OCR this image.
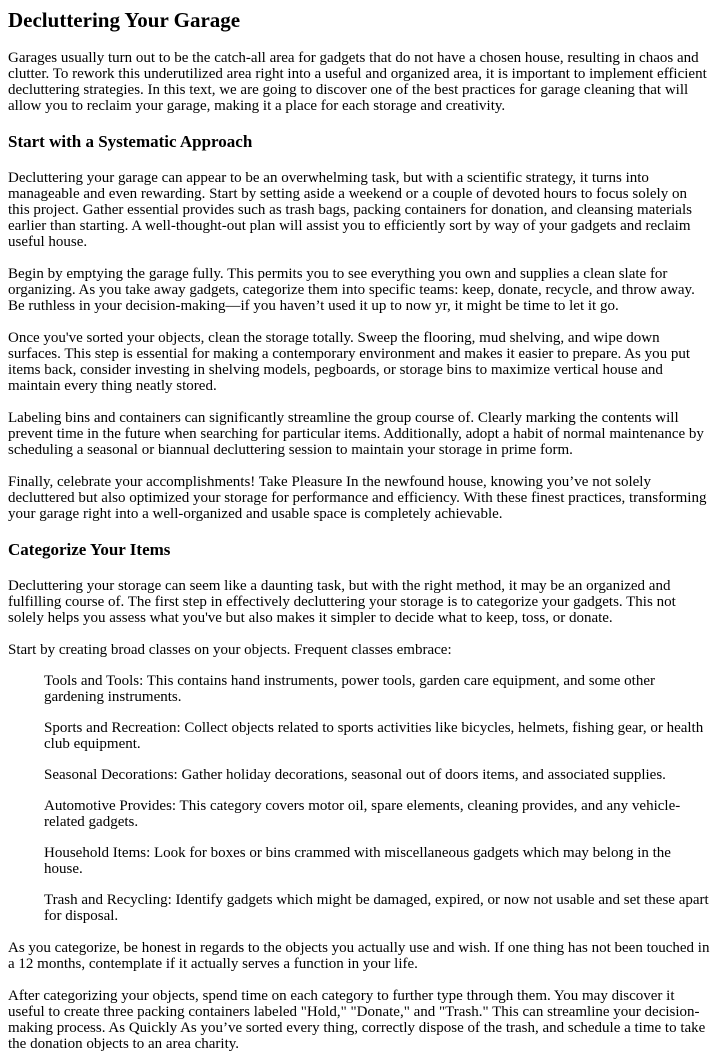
Decluttering Your Garage

Garages usually turn out to be the catch-all area for gadgets that do not have a chosen house, resulting in chaos and clutter. To rework this underutilized area right into a useful and organized area, it is important to implement efficient decluttering strategies. In this text, we are going to discover one of the best practices for garage cleaning that will allow you to reclaim your garage, making it a place for each storage and creativity.

Start with a Systematic Approach

Decluttering your garage can appear to be an overwhelming task, but with a scientific strategy, it turns into manageable and even rewarding. Start by setting aside a weekend or a couple of devoted hours to focus solely on this project. Gather essential provides such as trash bags, packing containers for donation, and cleansing materials earlier than starting. A well-thought-out plan will assist you to efficiently sort by way of your gadgets and reclaim useful house.

Begin by emptying the garage fully. This permits you to see everything you own and supplies a clean slate for organizing. As you take away gadgets, categorize them into specific teams: keep, donate, recycle, and throw away. Be ruthless in your decision-making—if you haven’t used it up to now yr, it might be time to let it go.

Once you've sorted your objects, clean the storage totally. Sweep the flooring, mud shelving, and wipe down surfaces. This step is essential for making a contemporary environment and makes it easier to prepare. As you put items back, consider investing in shelving models, pegboards, or storage bins to maximize vertical house and maintain every thing neatly stored.

Labeling bins and containers can significantly streamline the group course of. Clearly marking the contents will prevent time in the future when searching for particular items. Additionally, adopt a habit of normal maintenance by scheduling a seasonal or biannual decluttering session to maintain your storage in prime form.

Finally, celebrate your accomplishments! Take Pleasure In the newfound house, knowing you’ve not solely decluttered but also optimized your storage for performance and efficiency. With these finest practices, transforming your garage right into a well-organized and usable space is completely achievable.

Categorize Your Items

Decluttering your storage can seem like a daunting task, but with the right method, it may be an organized and fulfilling course of. The first step in effectively decluttering your storage is to categorize your gadgets. This not solely helps you assess what you've but also makes it simpler to decide what to keep, toss, or donate.

Start by creating broad classes on your objects. Frequent classes embrace:

Tools and Tools: This contains hand instruments, power tools, garden care equipment, and some other gardening instruments.
Sports and Recreation: Collect objects related to sports activities like bicycles, helmets, fishing gear, or health club equipment.
Seasonal Decorations: Gather holiday decorations, seasonal out of doors items, and associated supplies.
Automotive Provides: This category covers motor oil, spare elements, cleaning provides, and any vehicle-related gadgets.
Household Items: Look for boxes or bins crammed with miscellaneous gadgets which may belong in the house.
Trash and Recycling: Identify gadgets which might be damaged, expired, or now not usable and set these apart for disposal.

As you categorize, be honest in regards to the objects you actually use and wish. If one thing has not been touched in a 12 months, contemplate if it actually serves a function in your life.

After categorizing your objects, spend time on each category to further type through them. You may discover it useful to create three packing containers labeled "Hold," "Donate," and "Trash." This can streamline your decision-making process. As Quickly As you’ve sorted every thing, correctly dispose of the trash, and schedule a time to take the donation objects to an area charity.
